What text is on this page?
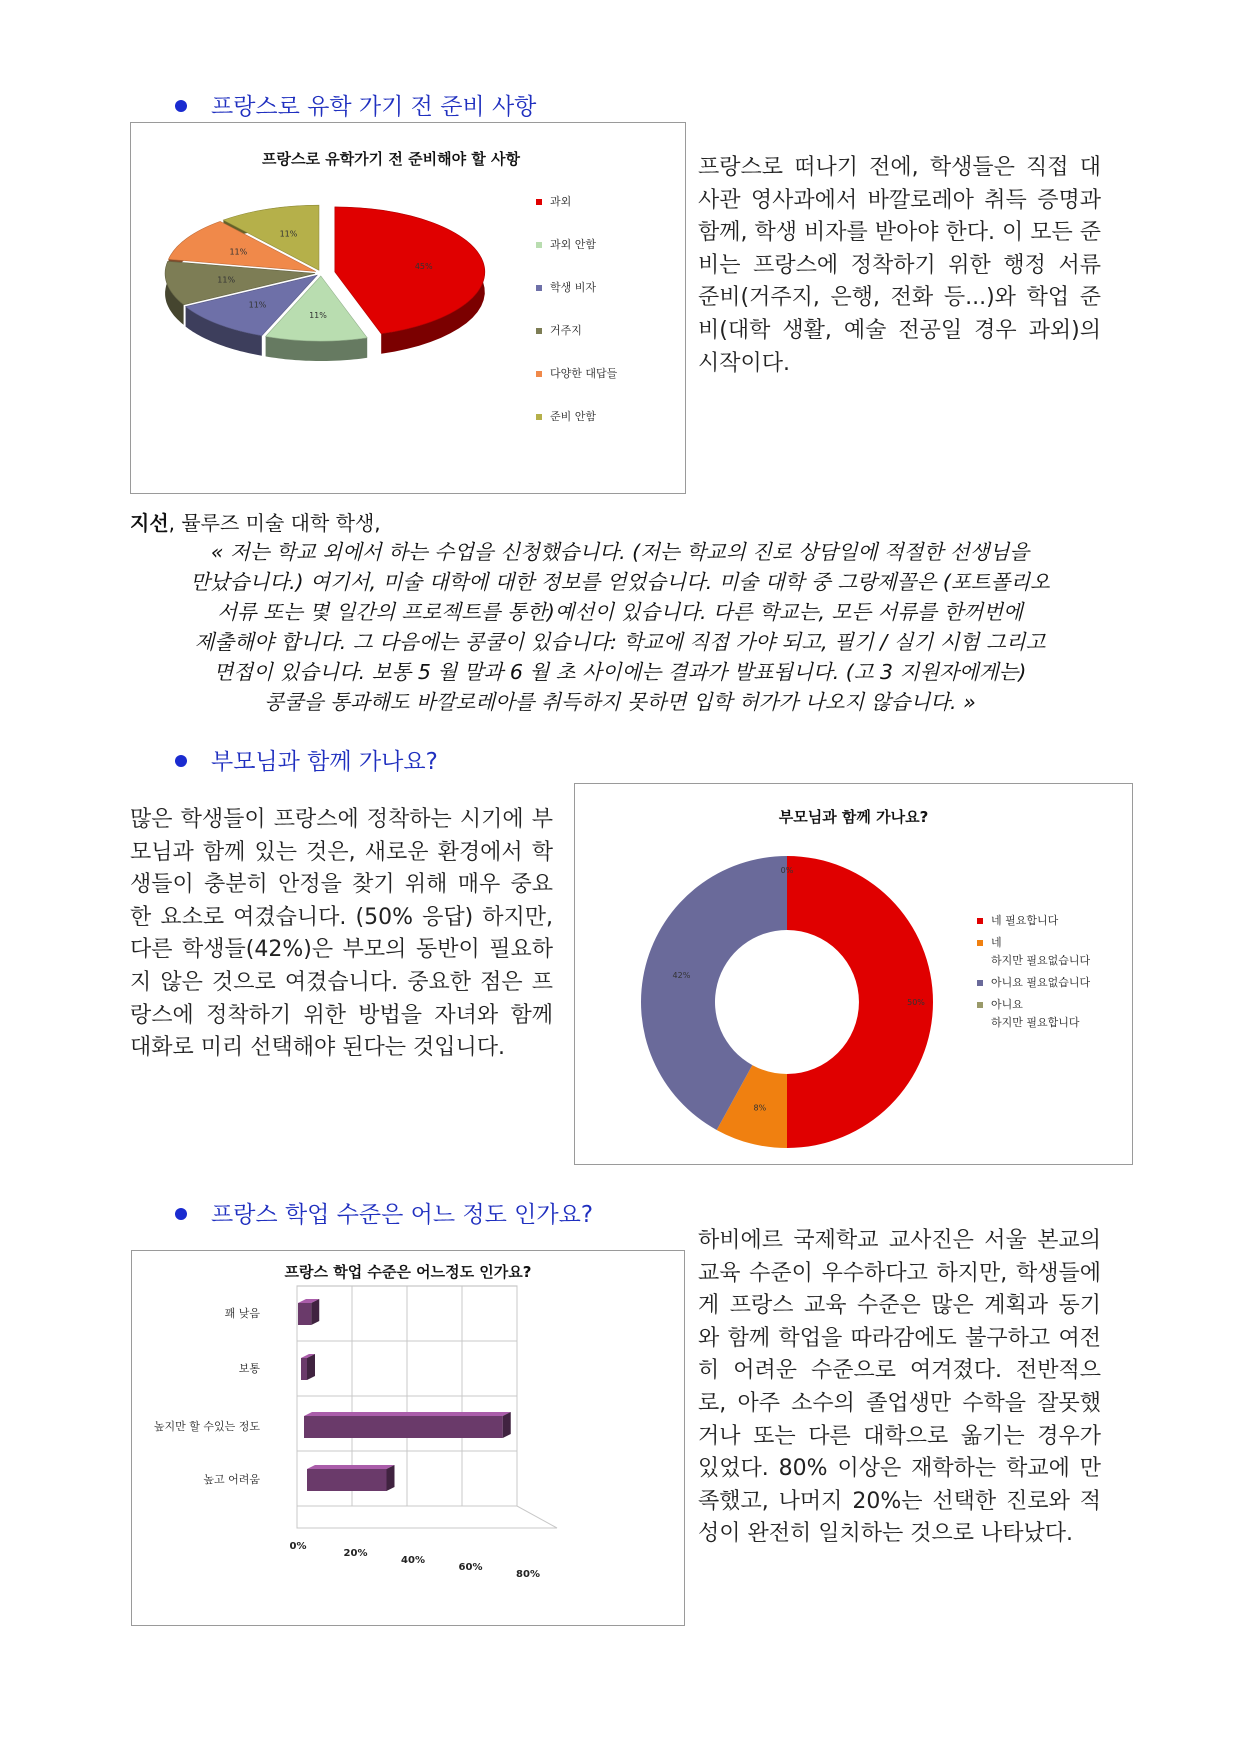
프랑스로 유학 가기 전 준비 사항
프랑스로 유학가기 전 준비해야 할 사항
45%
11%
11%
11%
11%
11%
과외
과외 안함
학생 비자
거주지
다양한 대답들
준비 안함
프랑스로 떠나기 전에, 학생들은 직접 대사관 영사과에서 바깔로레아 취득 증명과 함께, 학생 비자를 받아야 한다. 이 모든 준비는 프랑스에 정착하기 위한 행정 서류 준비(거주지, 은행, 전화 등...)와 학업 준비(대학 생활, 예술 전공일 경우 과외)의 시작이다.
지선, 뮬루즈 미술 대학 학생,
« 저는 학교 외에서 하는 수업을 신청했습니다. (저는 학교의 진로 상담일에 적절한 선생님을
만났습니다.) 여기서, 미술 대학에 대한 정보를 얻었습니다. 미술 대학 중 그랑제꼴은 (포트폴리오
서류 또는 몇 일간의 프로젝트를 통한)예선이 있습니다. 다른 학교는, 모든 서류를 한꺼번에
제출해야 합니다. 그 다음에는 콩쿨이 있습니다: 학교에 직접 가야 되고, 필기 / 실기 시험 그리고
면접이 있습니다. 보통 5 월 말과 6 월 초 사이에는 결과가 발표됩니다. (고 3 지원자에게는)
콩쿨을 통과해도 바깔로레아를 취득하지 못하면 입학 허가가 나오지 않습니다. »
부모님과 함께 가나요?
많은 학생들이 프랑스에 정착하는 시기에 부모님과 함께 있는 것은, 새로운 환경에서 학생들이 충분히 안정을 찾기 위해 매우 중요한 요소로 여겼습니다. (50% 응답) 하지만, 다른 학생들(42%)은 부모의 동반이 필요하지 않은 것으로 여겼습니다. 중요한 점은 프랑스에 정착하기 위한 방법을 자녀와 함께 대화로 미리 선택해야 된다는 것입니다.
부모님과 함께 가나요?
50%
8%
42%
0%
네 필요합니다
네
하지만 필요없습니다
아니요 필요없습니다
아니요
하지만 필요합니다
프랑스 학업 수준은 어느 정도 인가요?
프랑스 학업 수준은 어느정도 인가요?
0%
20%
40%
60%
80%
꽤 낮음
보통
높지만 할 수있는 정도
높고 어려움
하비에르 국제학교 교사진은 서울 본교의 교육 수준이 우수하다고 하지만, 학생들에게 프랑스 교육 수준은 많은 계획과 동기와 함께 학업을 따라감에도 불구하고 여전히 어려운 수준으로 여겨졌다. 전반적으로, 아주 소수의 졸업생만 수학을 잘못했거나 또는 다른 대학으로 옮기는 경우가 있었다. 80% 이상은 재학하는 학교에 만족했고, 나머지 20%는 선택한 진로와 적성이 완전히 일치하는 것으로 나타났다.
